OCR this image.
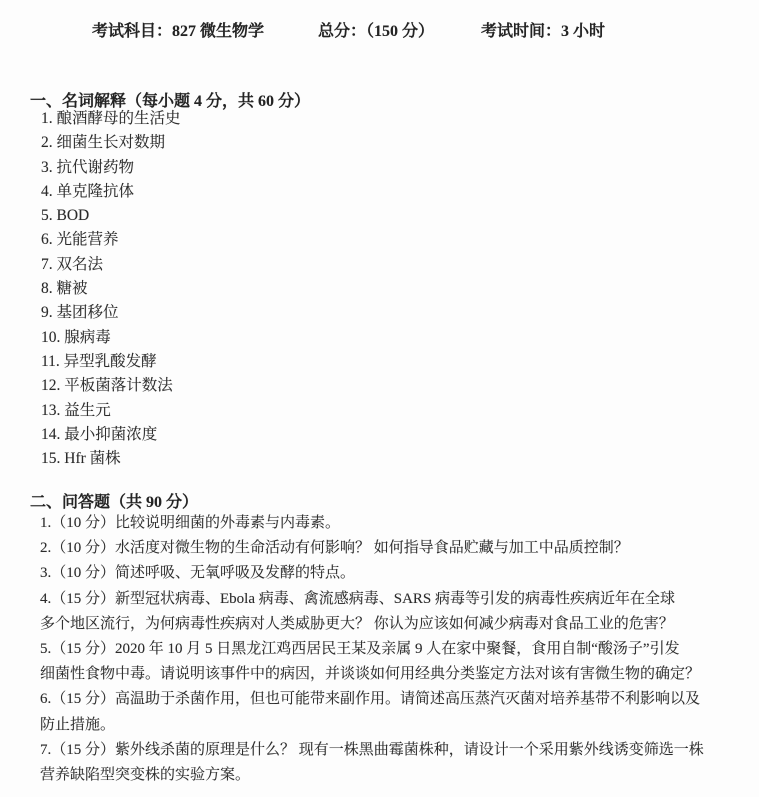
考试科目：827 微生物学	总分：（150 分）	考试时间：3 小时
一、名词解释（每小题 4 分，共 60 分）
1. 酿酒酵母的生活史
2. 细菌生长对数期
3. 抗代谢药物
4. 单克隆抗体
5. BOD
6. 光能营养
7. 双名法
8. 糖被
9. 基团移位
10. 腺病毒
11. 异型乳酸发酵
12. 平板菌落计数法
13. 益生元
14. 最小抑菌浓度
15. Hfr 菌株
二、问答题（共 90 分）
1.（10 分）比较说明细菌的外毒素与内毒素。
2.（10 分）水活度对微生物的生命活动有何影响？ 如何指导食品贮藏与加工中品质控制？
3.（10 分）简述呼吸、无氧呼吸及发酵的特点。
4.（15 分）新型冠状病毒、Ebola 病毒、禽流感病毒、SARS 病毒等引发的病毒性疾病近年在全球
多个地区流行，为何病毒性疾病对人类威胁更大？ 你认为应该如何减少病毒对食品工业的危害？
5.（15 分）2020 年 10 月 5 日黑龙江鸡西居民王某及亲属 9 人在家中聚餐，食用自制“酸汤子”引发
细菌性食物中毒。请说明该事件中的病因，并谈谈如何用经典分类鉴定方法对该有害微生物的确定？
6.（15 分）高温助于杀菌作用，但也可能带来副作用。请简述高压蒸汽灭菌对培养基带不利影响以及
防止措施。
7.（15 分）紫外线杀菌的原理是什么？ 现有一株黑曲霉菌株种，请设计一个采用紫外线诱变筛选一株
营养缺陷型突变株的实验方案。
